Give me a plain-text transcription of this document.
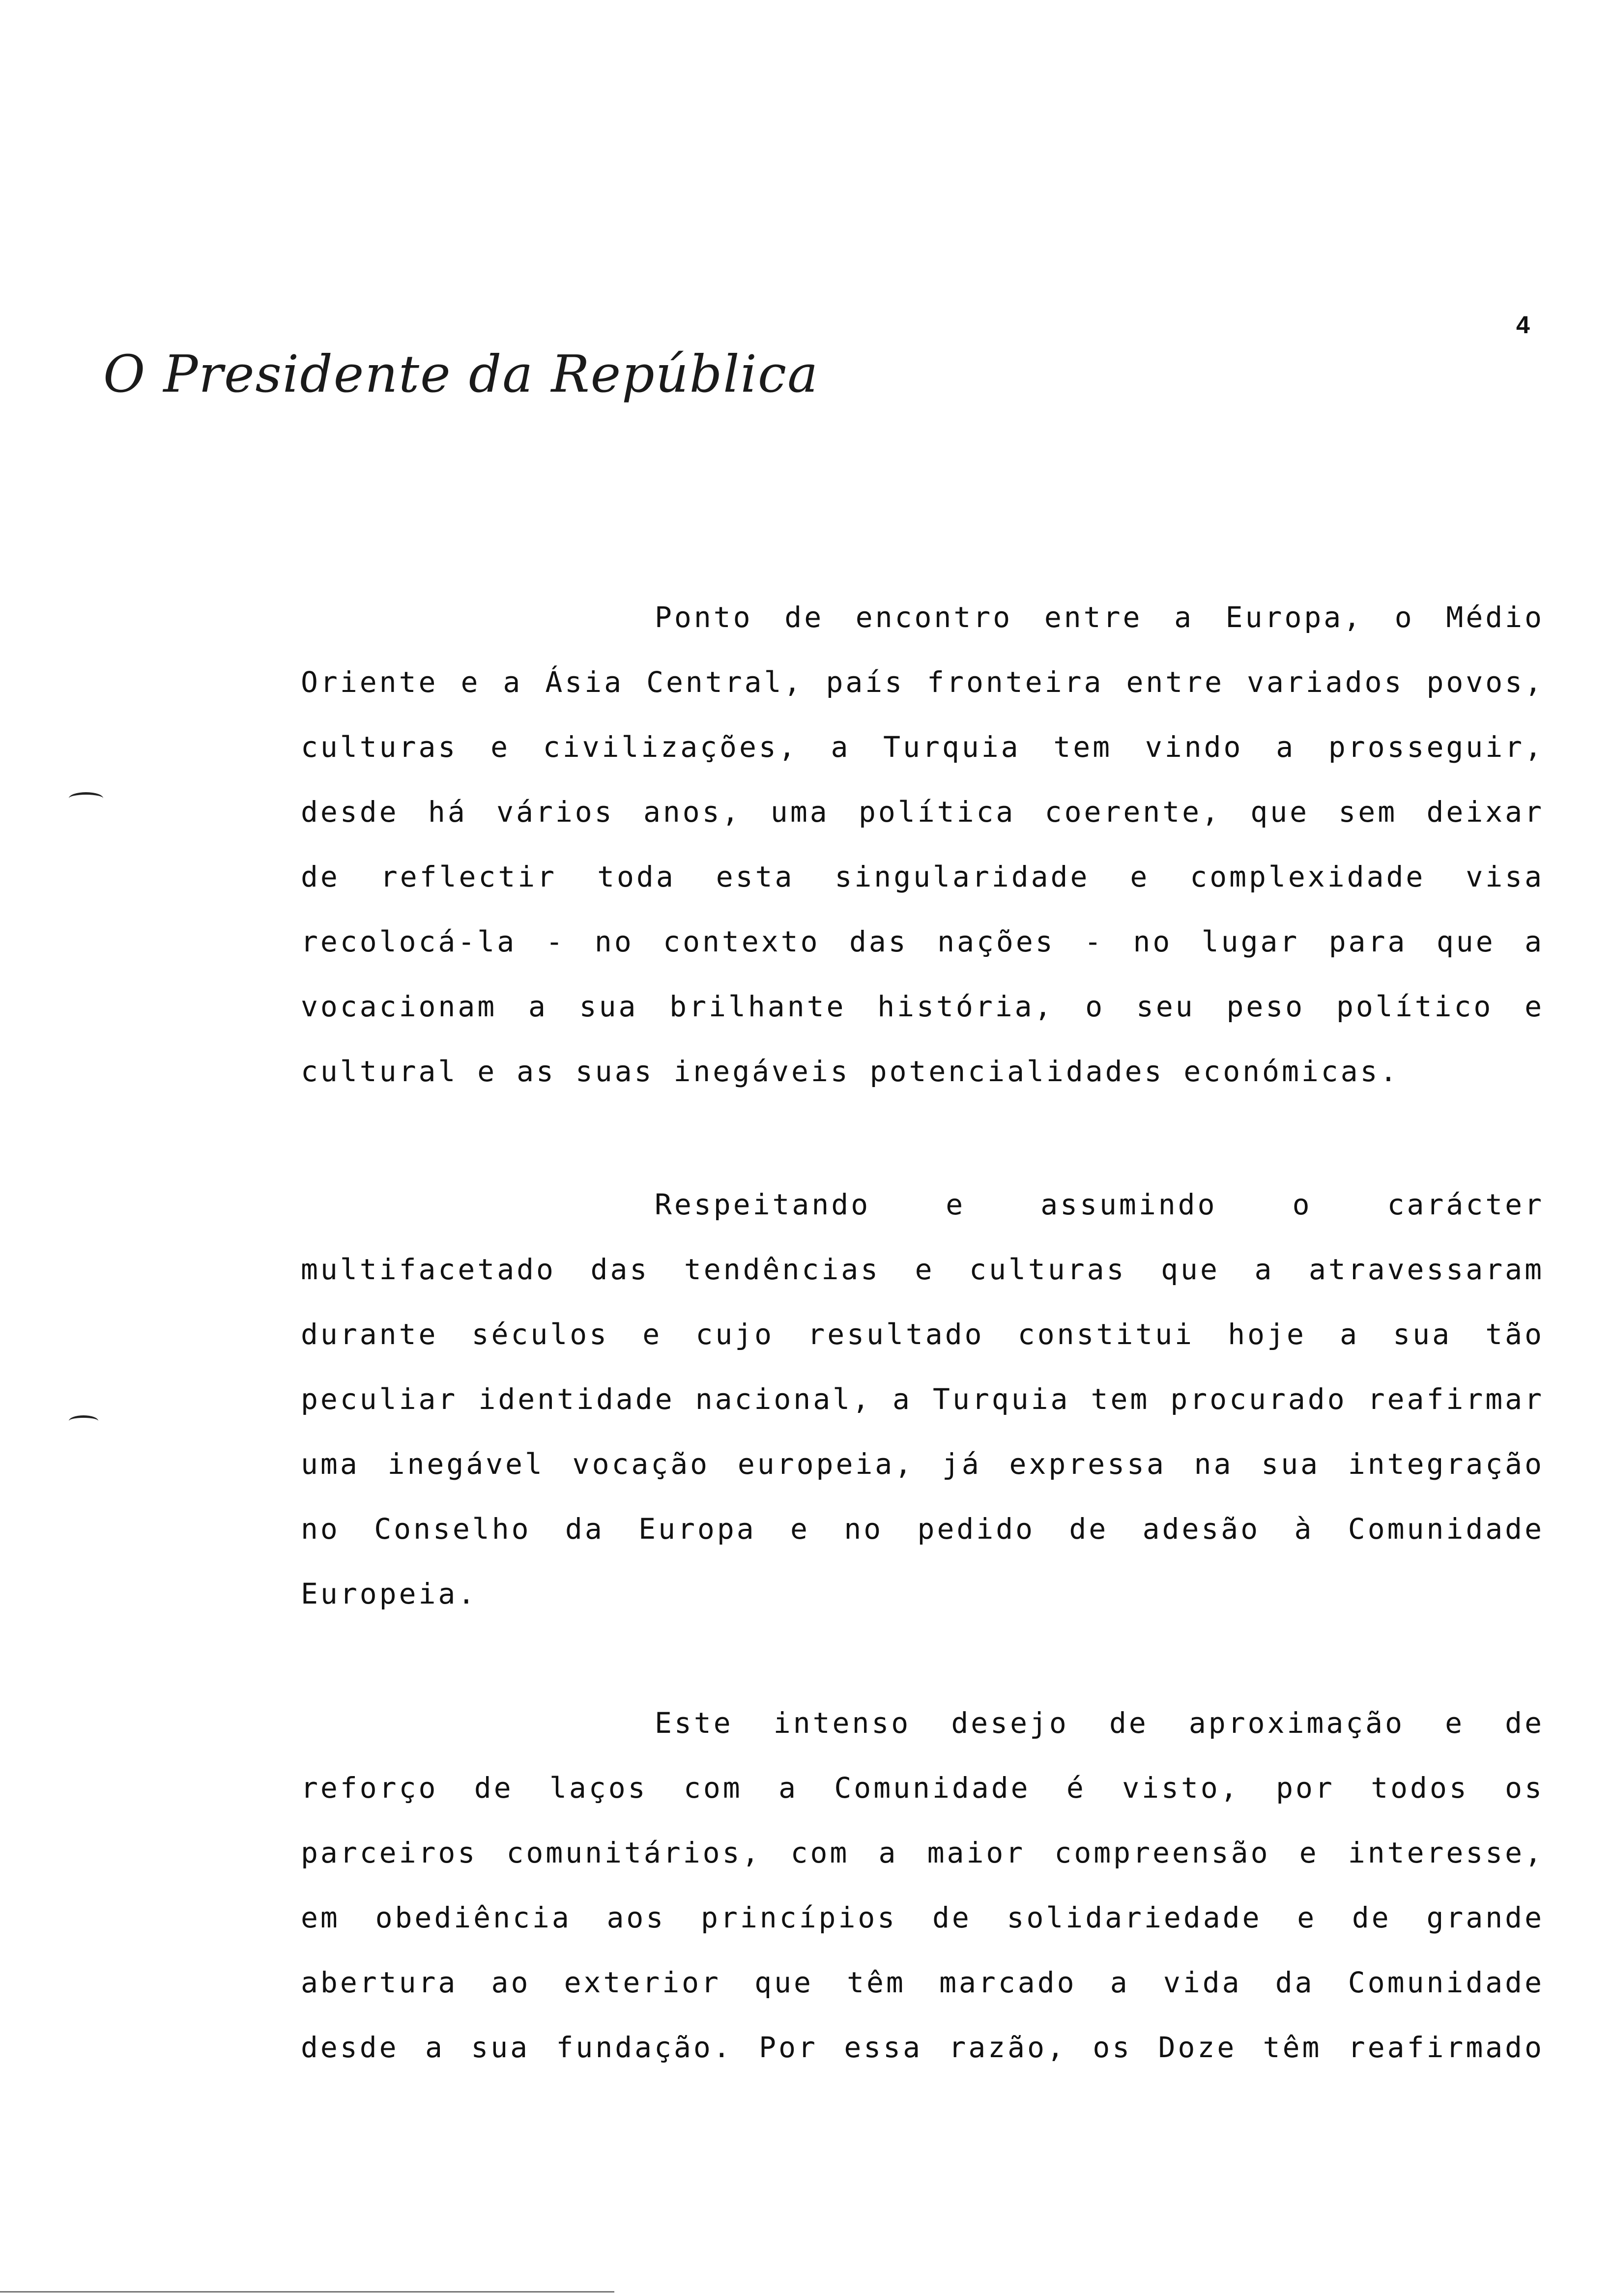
4
O Presidente da República
Ponto de encontro entre a Europa, o Médio
Oriente e a Ásia Central, país fronteira entre variados povos,
culturas e civilizações, a Turquia tem vindo a prosseguir,
desde há vários anos, uma política coerente, que sem deixar
de reflectir toda esta singularidade e complexidade visa
recolocá-la - no contexto das nações - no lugar para que a
vocacionam a sua brilhante história, o seu peso político e
cultural e as suas inegáveis potencialidades económicas.
Respeitando e assumindo o carácter
multifacetado das tendências e culturas que a atravessaram
durante séculos e cujo resultado constitui hoje a sua tão
peculiar identidade nacional, a Turquia tem procurado reafirmar
uma inegável vocação europeia, já expressa na sua integração
no Conselho da Europa e no pedido de adesão à Comunidade
Europeia.
Este intenso desejo de aproximação e de
reforço de laços com a Comunidade é visto, por todos os
parceiros comunitários, com a maior compreensão e interesse,
em obediência aos princípios de solidariedade e de grande
abertura ao exterior que têm marcado a vida da Comunidade
desde a sua fundação. Por essa razão, os Doze têm reafirmado
